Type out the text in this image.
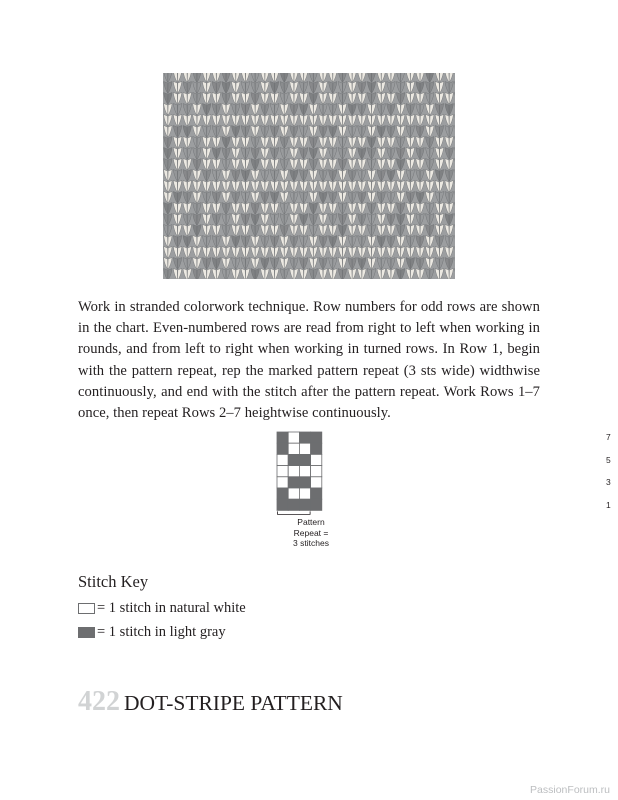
Work in stranded colorwork technique. Row numbers for odd rows are shown in the chart. Even-numbered rows are read from right to left when working in rounds, and from left to right when working in turned rows. In Row 1, begin with the pattern repeat, rep the marked pattern repeat (3 sts wide) widthwise continuously, and end with the stitch after the pattern repeat. Work Rows 1–7 once, then repeat Rows 2–7 heightwise continuously.

7
5
3
1
Pattern
Repeat =
3 stitches
Stitch Key
= 1 stitch in natural white
= 1 stitch in light gray
422 DOT-STRIPE PATTERN
PassionForum.ru
